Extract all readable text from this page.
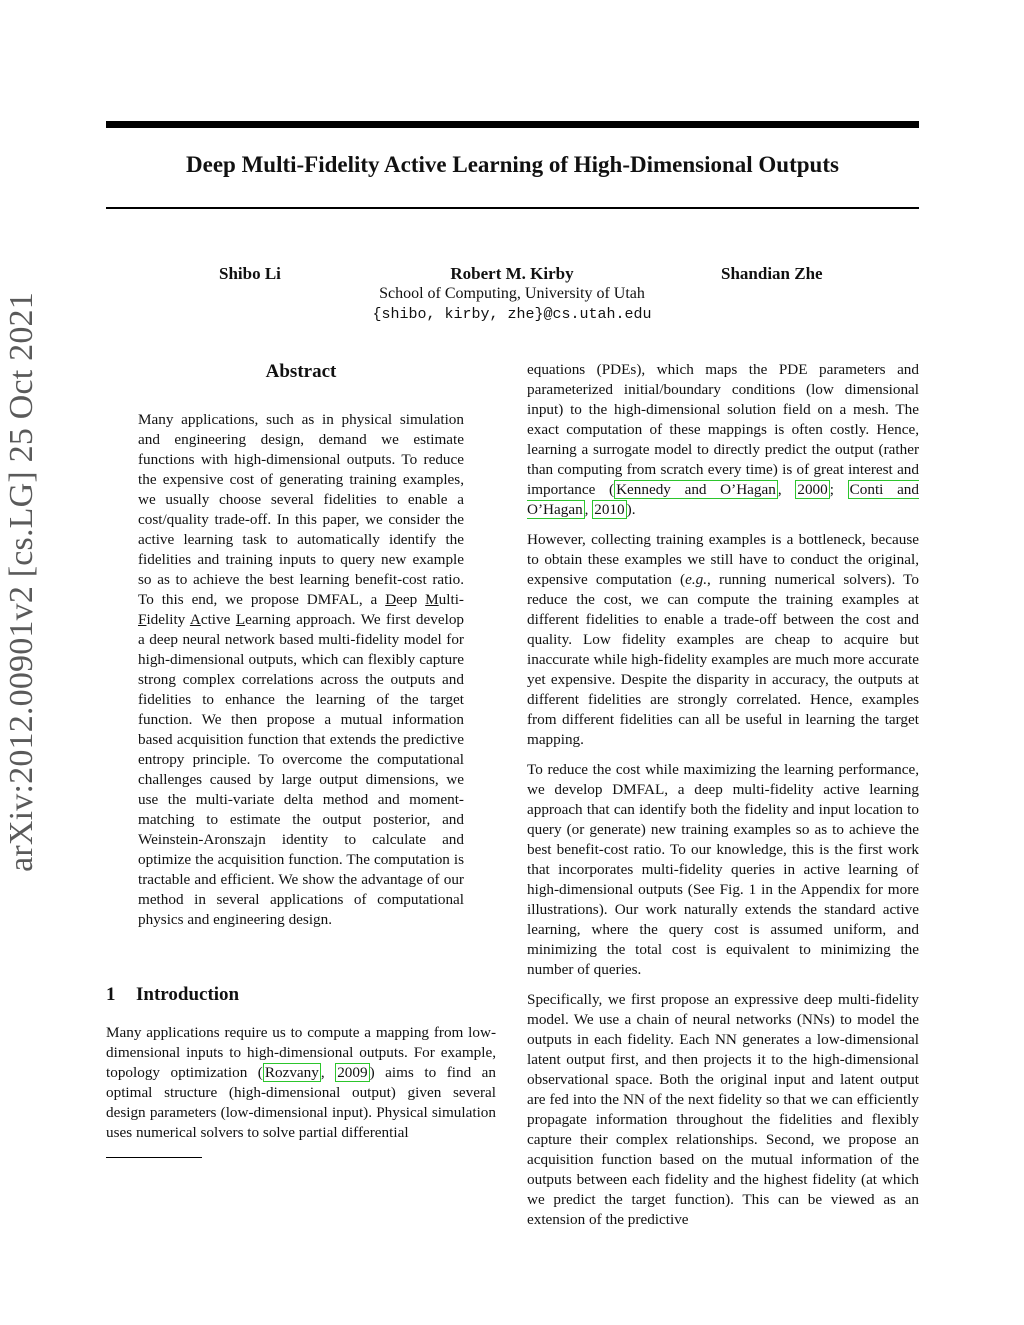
Deep Multi-Fidelity Active Learning of High-Dimensional Outputs
Shibo Li	Robert M. Kirby	Shandian Zhe
School of Computing, University of Utah
{shibo, kirby, zhe}@cs.utah.edu
arXiv:2012.00901v2 [cs.LG] 25 Oct 2021	Abstract
Many applications, such as in physical simulation and engineering design, demand we estimate functions with high-dimensional outputs. To reduce the expensive cost of generating training examples, we usually choose several fidelities to enable a cost/quality trade-off. In this paper, we consider the active learning task to automatically identify the fidelities and training inputs to query new example so as to achieve the best learning benefit-cost ratio. To this end, we propose DMFAL, a Deep Multi-Fidelity Active Learning approach. We first develop a deep neural network based multi-fidelity model for high-dimensional outputs, which can flexibly capture strong complex correlations across the outputs and fidelities to enhance the learning of the target function. We then propose a mutual information based acquisition function that extends the predictive entropy principle. To overcome the computational challenges caused by large output dimensions, we use the multi-variate delta method and moment-matching to estimate the output posterior, and Weinstein-Aronszajn identity to calculate and optimize the acquisition function. The computation is tractable and efficient. We show the advantage of our method in several applications of computational physics and engineering design.
1 Introduction
Many applications require us to compute a mapping from low-dimensional inputs to high-dimensional outputs. For example, topology optimization ( Rozvany , 2009 ) aims to find an optimal structure (high-dimensional output) given several design parameters (low-dimensional input). Physical simulation uses numerical solvers to solve partial differential

equations (PDEs), which maps the PDE parameters and parameterized initial/boundary conditions (low dimensional input) to the high-dimensional solution field on a mesh. The exact computation of these mappings is often costly. Hence, learning a surrogate model to directly predict the output (rather than computing from scratch every time) is of great interest and importance ( Kennedy and O’Hagan , 2000 ; Conti and O’Hagan , 2010 ).

However, collecting training examples is a bottleneck, because to obtain these examples we still have to conduct the original, expensive computation (e.g., running numerical solvers). To reduce the cost, we can compute the training examples at different fidelities to enable a trade-off between the cost and quality. Low fidelity examples are cheap to acquire but inaccurate while high-fidelity examples are much more accurate yet expensive. Despite the disparity in accuracy, the outputs at different fidelities are strongly correlated. Hence, examples from different fidelities can all be useful in learning the target mapping.

To reduce the cost while maximizing the learning performance, we develop DMFAL, a deep multi-fidelity active learning approach that can identify both the fidelity and input location to query (or generate) new training examples so as to achieve the best benefit-cost ratio. To our knowledge, this is the first work that incorporates multi-fidelity queries in active learning of high-dimensional outputs (See Fig. 1 in the Appendix for more illustrations). Our work naturally extends the standard active learning, where the query cost is assumed uniform, and minimizing the total cost is equivalent to minimizing the number of queries.

Specifically, we first propose an expressive deep multi-fidelity model. We use a chain of neural networks (NNs) to model the outputs in each fidelity. Each NN generates a low-dimensional latent output first, and then projects it to the high-dimensional observational space. Both the original input and latent output are fed into the NN of the next fidelity so that we can efficiently propagate information throughout the fidelities and flexibly capture their complex relationships. Second, we propose an acquisition function based on the mutual information of the outputs between each fidelity and the highest fidelity (at which we predict the target function). This can be viewed as an extension of the predictive
